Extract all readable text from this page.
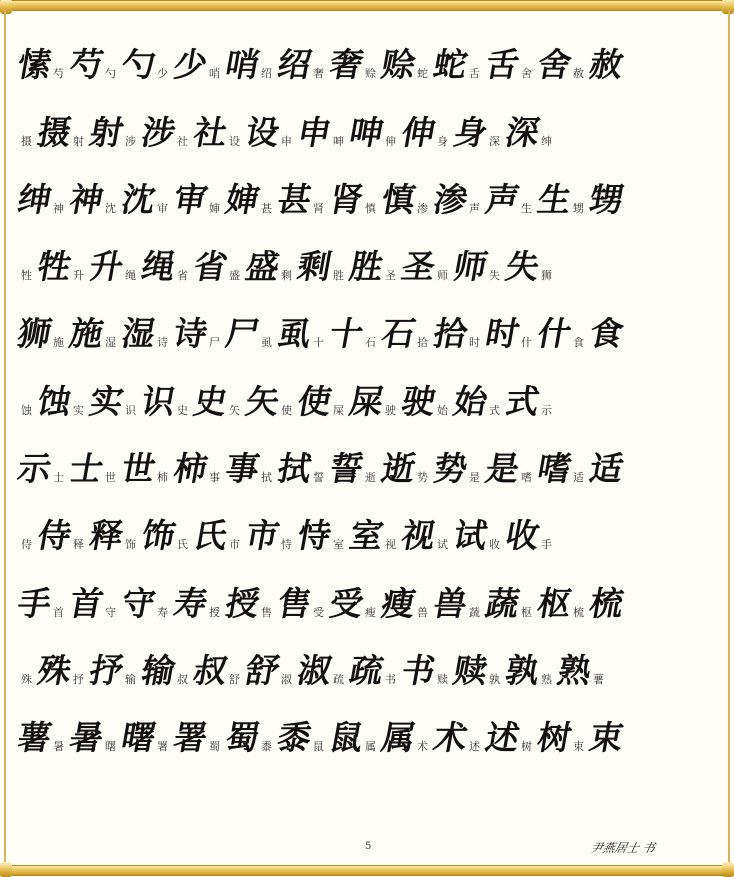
愫 芍 芍 勺 勺 少 少 哨 哨 绍 绍 奢 奢 赊 赊 蛇 蛇 舌 舌 舍 舍 赦 赦
摄 摄 射 射 涉 涉 社 社 设 设 申 申 呻 呻 伸 伸 身 身 深 深 绅
绅 神 神 沈 沈 审 审 婶 婶 甚 甚 肾 肾 慎 慎 渗 渗 声 声 生 生 甥 甥
牲 牲 升 升 绳 绳 省 省 盛 盛 剩 剩 胜 胜 圣 圣 师 师 失 失 狮
狮 施 施 湿 湿 诗 诗 尸 尸 虱 虱 十 十 石 石 拾 拾 时 时 什 什 食 食
蚀 蚀 实 实 识 识 史 史 矢 矢 使 使 屎 屎 驶 驶 始 始 式 式 示
示 士 士 世 世 柿 柿 事 事 拭 拭 誓 誓 逝 逝 势 势 是 是 嗜 嗜 适 适
侍 侍 释 释 饰 饰 氏 氏 市 市 恃 恃 室 室 视 视 试 试 收 收 手
手 首 首 守 守 寿 寿 授 授 售 售 受 受 瘦 瘦 兽 兽 蔬 蔬 枢 枢 梳 梳
殊 殊 抒 抒 输 输 叔 叔 舒 舒 淑 淑 疏 疏 书 书 赎 赎 孰 孰 熟 熟 薯
薯 暑 暑 曙 曙 署 署 蜀 蜀 黍 黍 鼠 鼠 属 属 术 术 述 述 树 树 束 束
5	尹燕居士 书
